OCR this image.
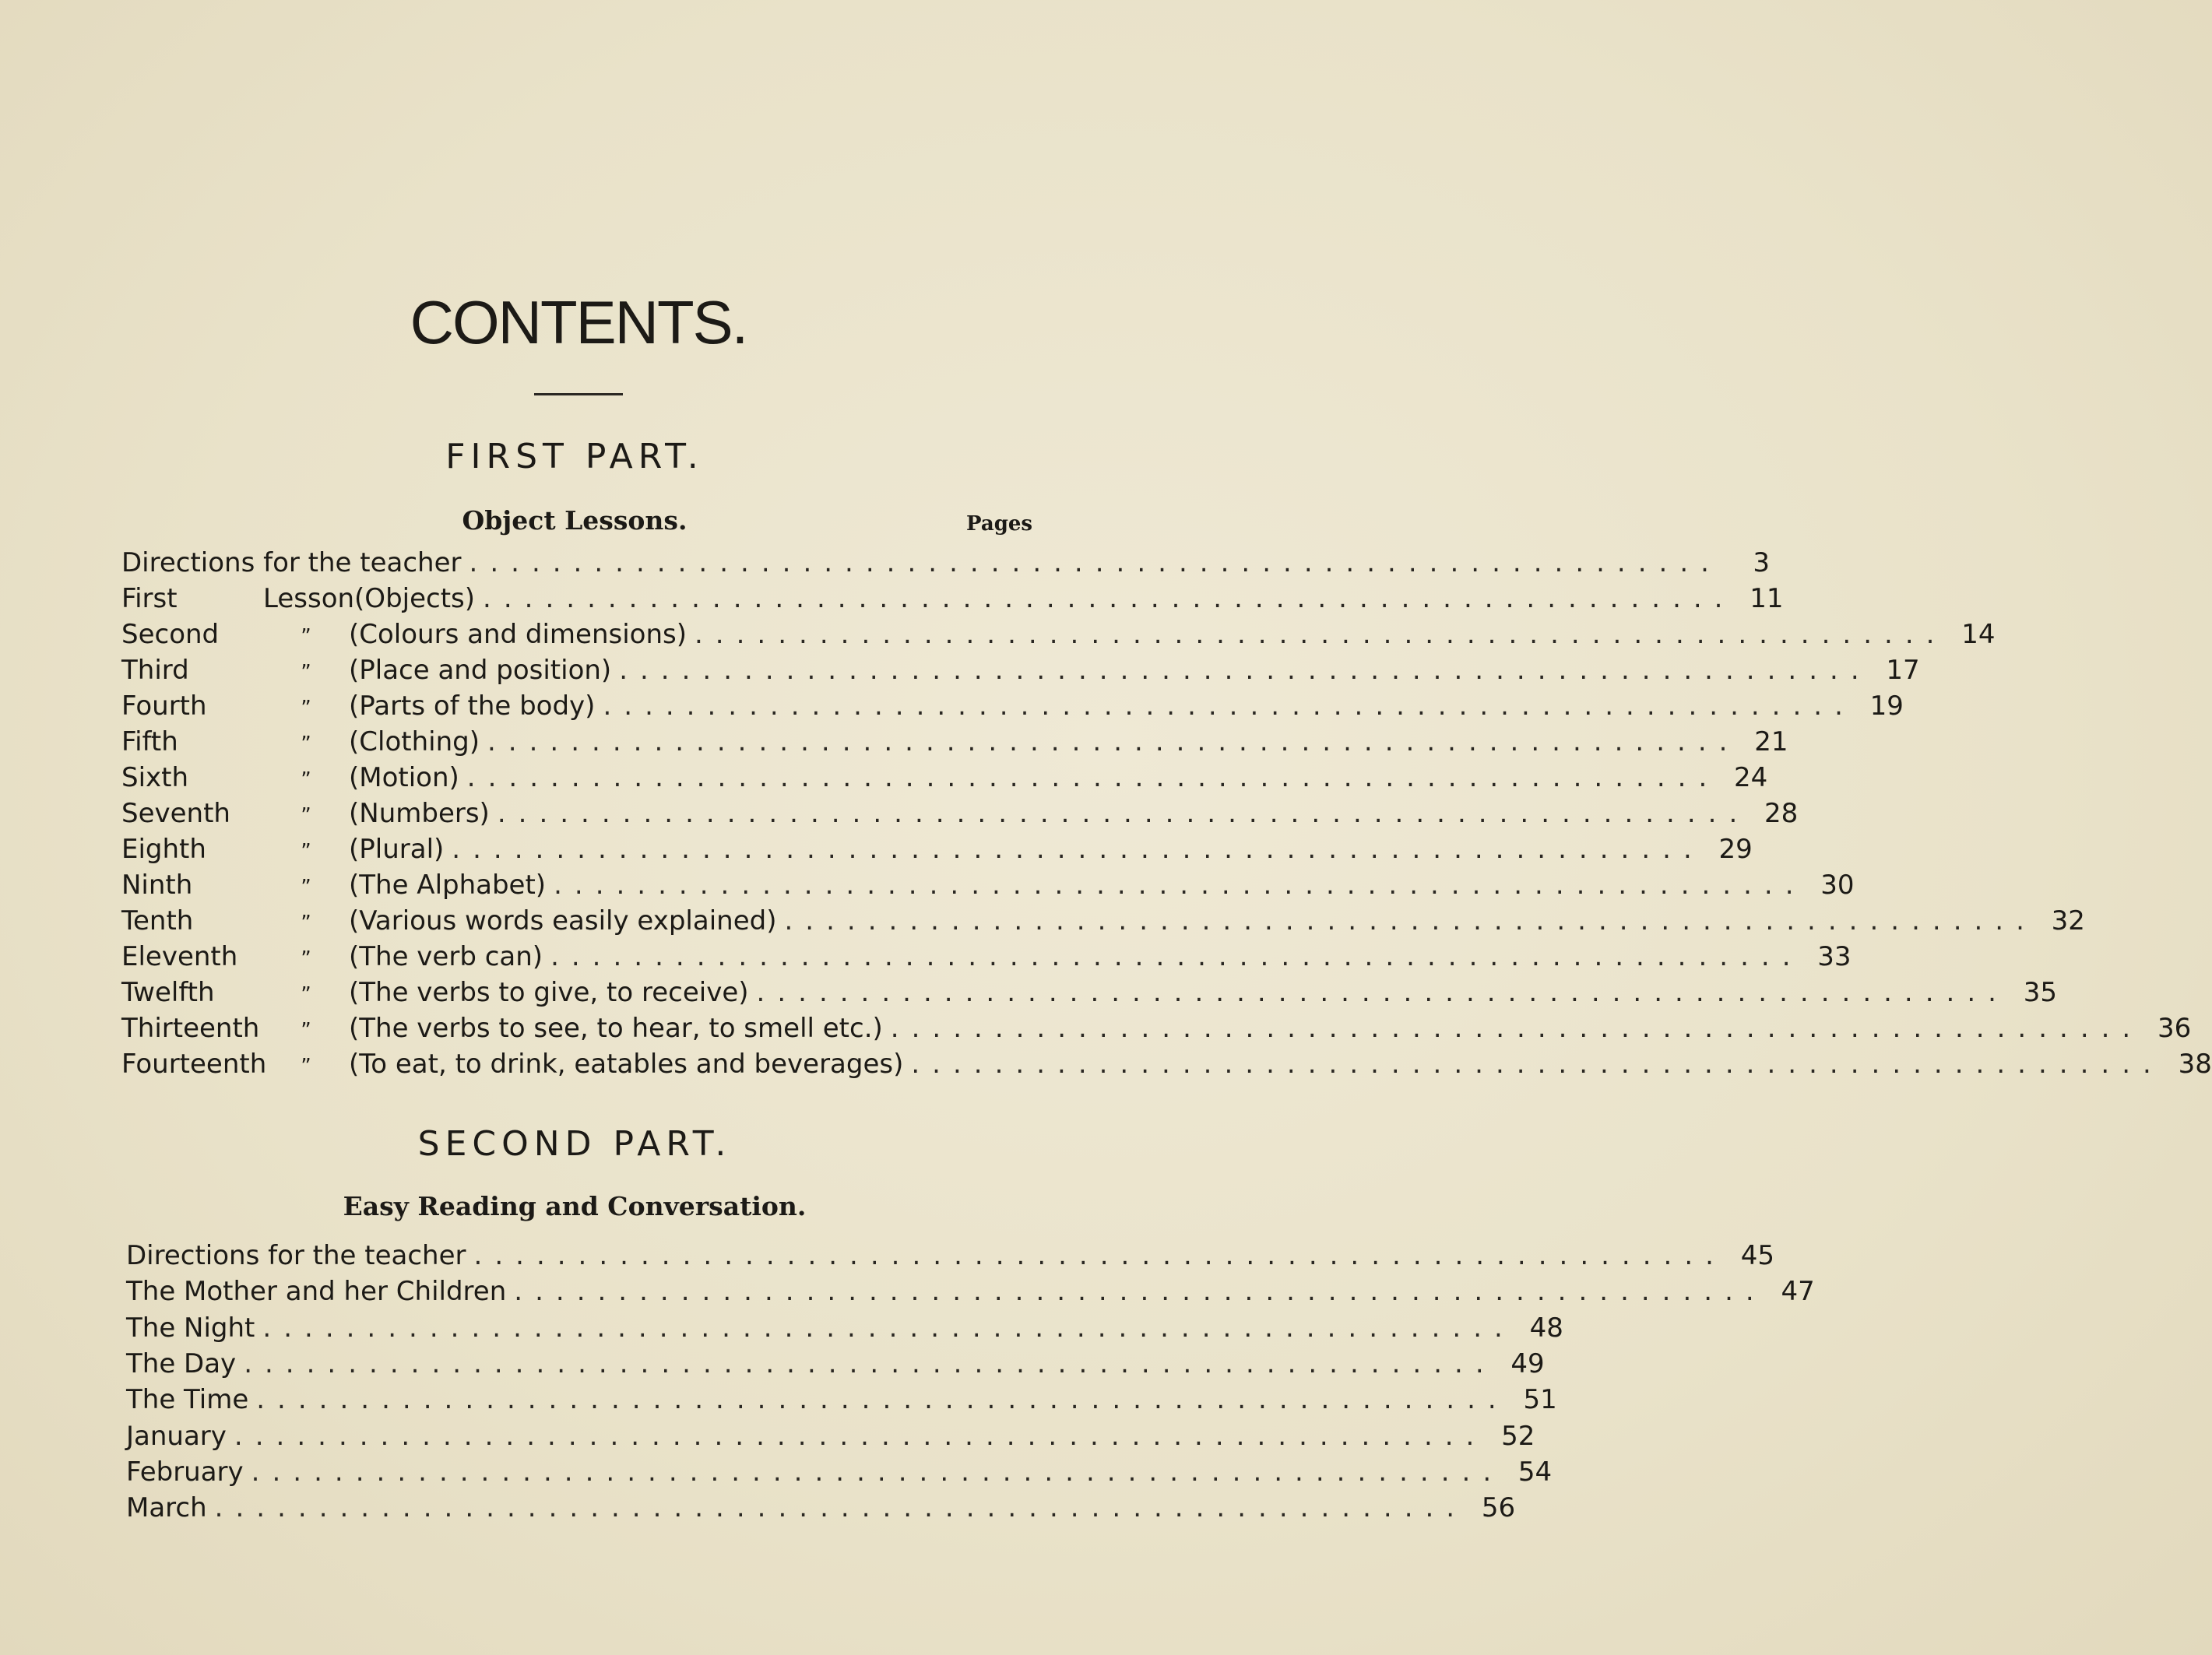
CONTENTS.
FIRST PART.
Object Lessons.	Pages
Directions for the teacher ............................................................	3
First	Lesson (Objects) ............................................................ 11
Second	”	(Colours and dimensions) ............................................................ 14
Third	”	(Place and position) ............................................................ 17
Fourth	”	(Parts of the body) ............................................................ 19
Fifth	”	(Clothing) ............................................................ 21
Sixth	”	(Motion) ............................................................ 24
Seventh	”	(Numbers) ............................................................ 28
Eighth	”	(Plural) ............................................................ 29
Ninth	”	(The Alphabet) ............................................................ 30
Tenth	”	(Various words easily explained) ............................................................ 32
Eleventh	”	(The verb can) ............................................................ 33
Twelfth	”	(The verbs to give, to receive) ............................................................ 35
Thirteenth	”	(The verbs to see, to hear, to smell etc.) ............................................................ 36
Fourteenth	”	(To eat, to drink, eatables and beverages) ............................................................ 38
SECOND PART.
Easy Reading and Conversation.
Directions for the teacher ............................................................ 45
The Mother and her Children ............................................................ 47
The Night ............................................................ 48
The Day ............................................................ 49
The Time ............................................................ 51
January ............................................................ 52
February ............................................................ 54
March ............................................................ 56
